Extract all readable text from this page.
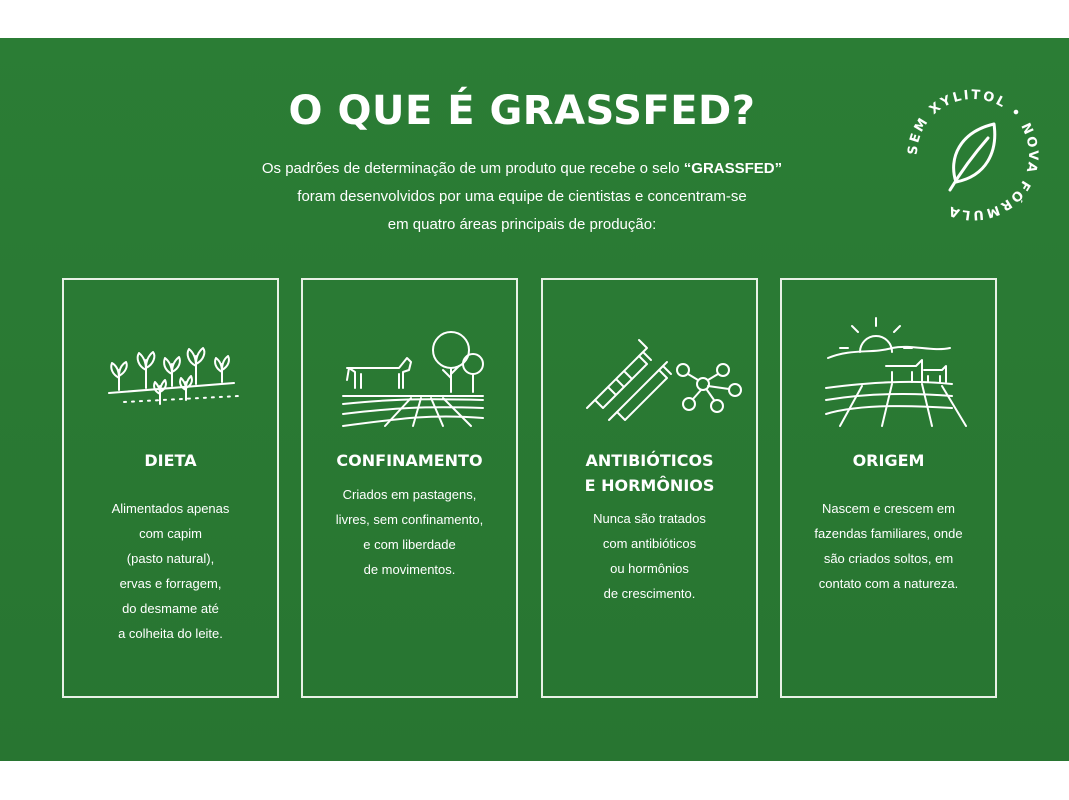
O QUE É GRASSFED?

Os padrões de determinação de um produto que recebe o selo “GRASSFED”

foram desenvolvidos por uma equipe de cientistas e concentram-se

em quatro áreas principais de produção:

SEM XYLITOL • NOVA FÓRMULA
DIETA
Alimentados apenas
com capim
(pasto natural),
ervas e forragem,
do desmame até
a colheita do leite.
CONFINAMENTO
Criados em pastagens,
livres, sem confinamento,
e com liberdade
de movimentos.
ANTIBIÓTICOS
E HORMÔNIOS
Nunca são tratados
com antibióticos
ou hormônios
de crescimento.
ORIGEM
Nascem e crescem em
fazendas familiares, onde
são criados soltos, em
contato com a natureza.
